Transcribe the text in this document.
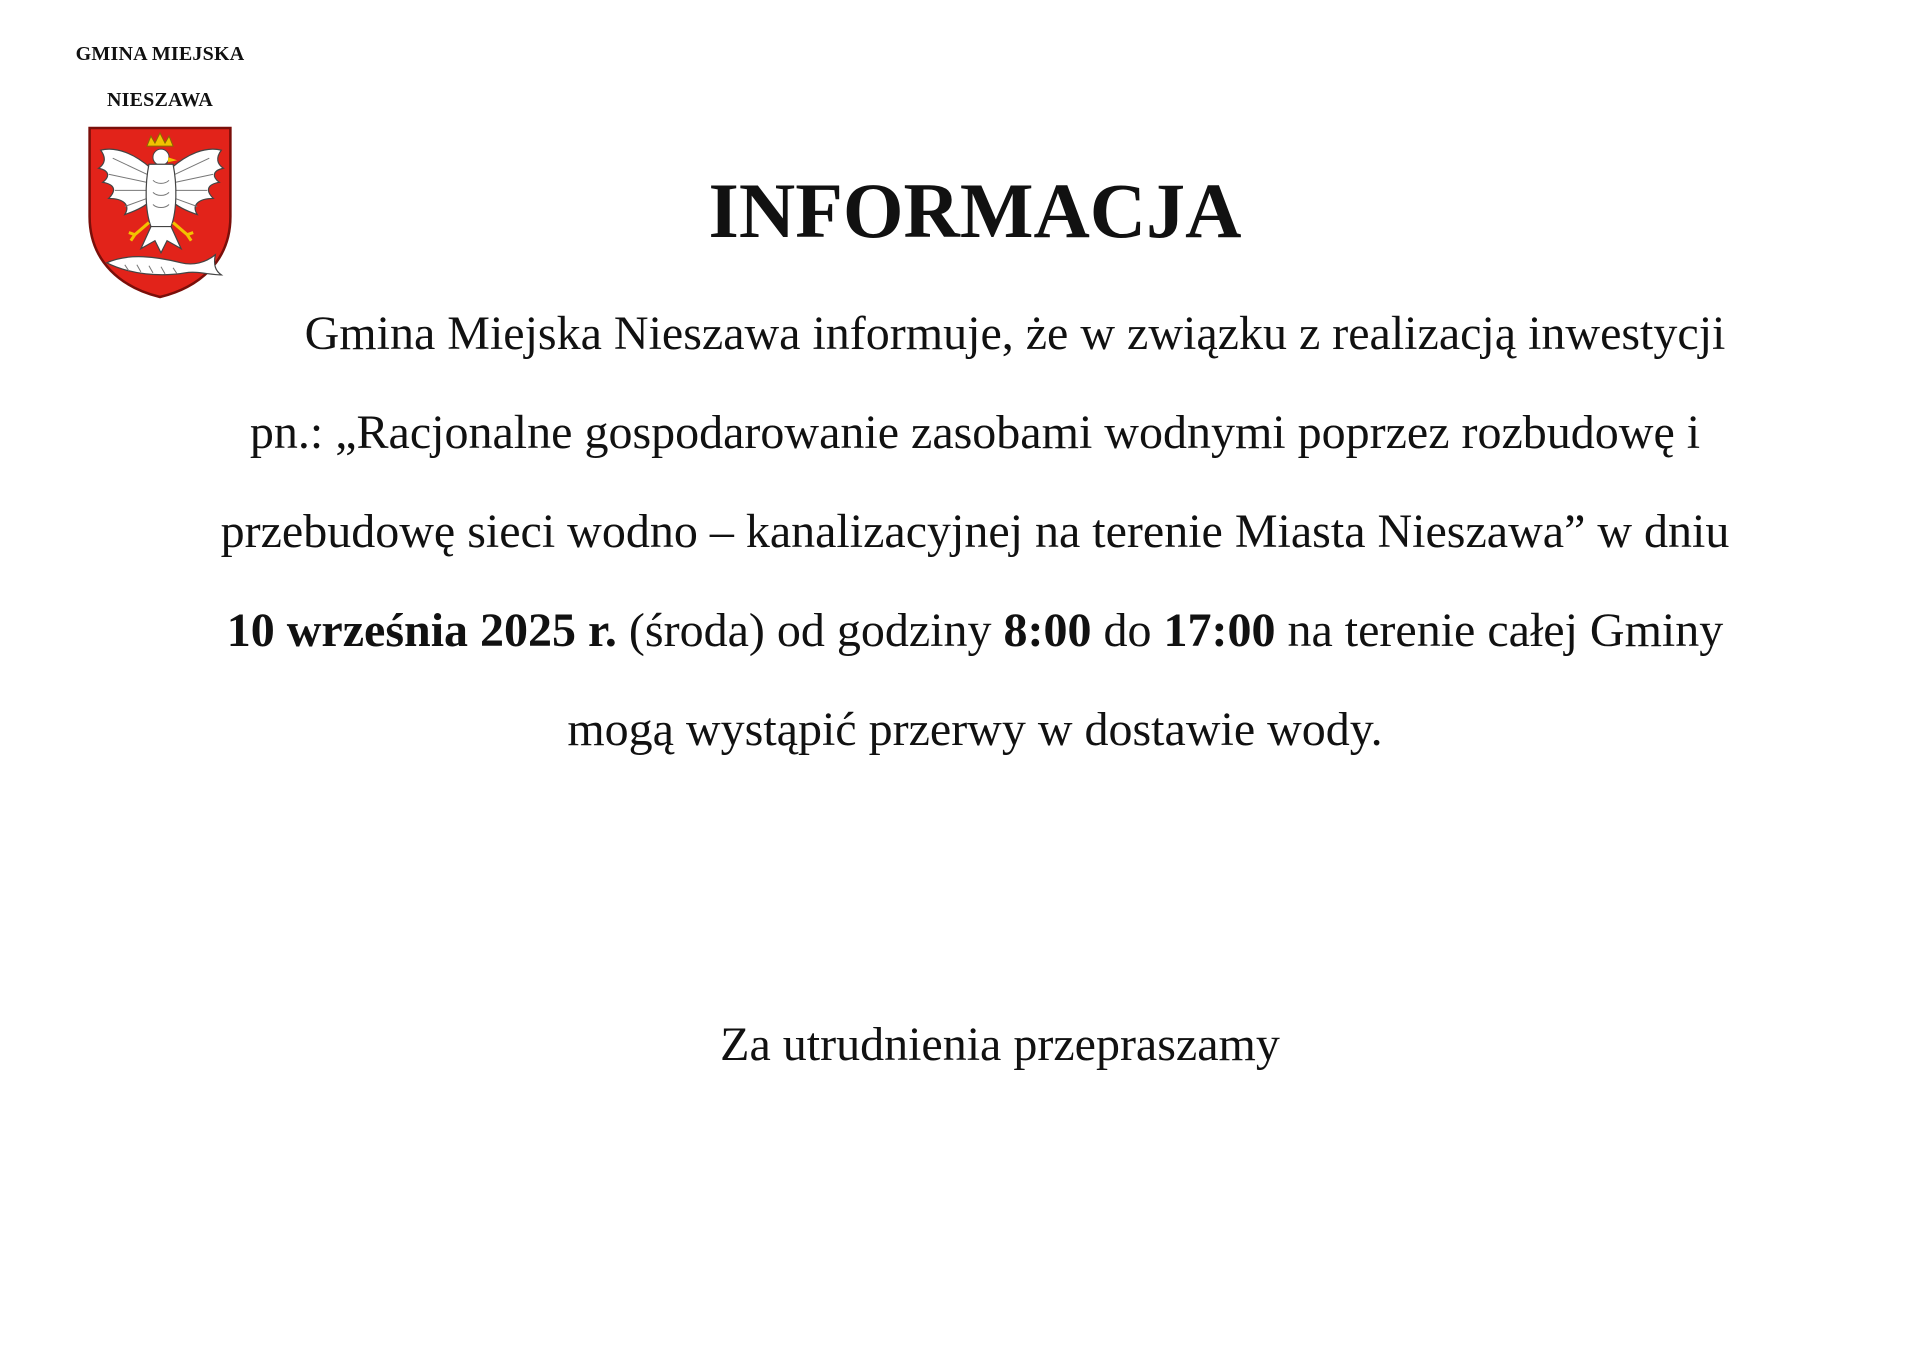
GMINA MIEJSKA
NIESZAWA
INFORMACJA

Gmina Miejska Nieszawa informuje, że w związku z realizacją inwestycji pn.: „Racjonalne gospodarowanie zasobami wodnymi poprzez rozbudowę i przebudowę sieci wodno – kanalizacyjnej na terenie Miasta Nieszawa” w dniu 10 września 2025 r. (środa) od godziny 8:00 do 17:00 na terenie całej Gminy mogą wystąpić przerwy w dostawie wody.

Za utrudnienia przepraszamy
